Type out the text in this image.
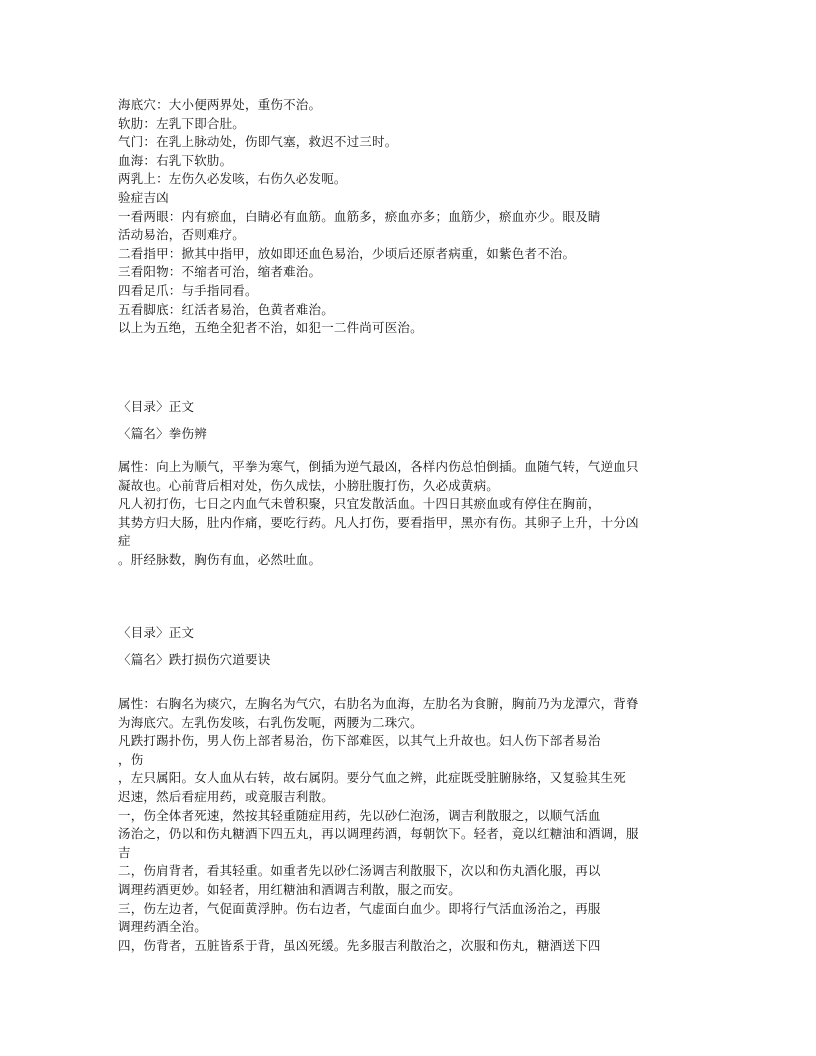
海底穴：大小便两界处，重伤不治。
软肋：左乳下即合肚。
气门：在乳上脉动处，伤即气塞，救迟不过三时。
血海：右乳下软肋。
两乳上：左伤久必发咳，右伤久必发呃。
验症吉凶
一看两眼：内有瘀血，白睛必有血筋。血筋多，瘀血亦多；血筋少，瘀血亦少。眼及睛
活动易治，否则难疗。
二看指甲：掀其中指甲，放如即还血色易治，少顷后还原者病重，如紫色者不治。
三看阳物：不缩者可治，缩者难治。
四看足爪：与手指同看。
五看脚底：红活者易治，色黄者难治。
以上为五绝，五绝全犯者不治，如犯一二件尚可医治。
〈目录〉正文
〈篇名〉拳伤辨
属性：向上为顺气，平拳为寒气，倒插为逆气最凶，各样内伤总怕倒插。血随气转，气逆血只
凝故也。心前背后相对处，伤久成怯，小膀肚腹打伤，久必成黄病。
凡人初打伤，七日之内血气未曾积聚，只宜发散活血。十四日其瘀血或有停住在胸前，
其势方归大肠，肚内作痛，要吃行药。凡人打伤，要看指甲，黑亦有伤。其卵子上升，十分凶
症
。肝经脉数，胸伤有血，必然吐血。
〈目录〉正文
〈篇名〉跌打损伤穴道要诀
属性：右胸名为痰穴，左胸名为气穴，右肋名为血海，左肋名为食腑，胸前乃为龙潭穴，背脊
为海底穴。左乳伤发咳，右乳伤发呃，两腰为二珠穴。
凡跌打踢扑伤，男人伤上部者易治，伤下部难医，以其气上升故也。妇人伤下部者易治
，伤
，左只属阳。女人血从右转，故右属阴。要分气血之辨，此症既受脏腑脉络，又复验其生死
迟速，然后看症用药，或竟服吉利散。
一，伤全体者死速，然按其轻重随症用药，先以砂仁泡汤，调吉利散服之，以顺气活血
汤治之，仍以和伤丸糖酒下四五丸，再以调理药酒，每朝饮下。轻者，竟以红糖油和酒调，服
吉
二，伤肩背者，看其轻重。如重者先以砂仁汤调吉利散服下，次以和伤丸酒化服，再以
调理药酒更妙。如轻者，用红糖油和酒调吉利散，服之而安。
三，伤左边者，气促面黄浮肿。伤右边者，气虚面白血少。即将行气活血汤治之，再服
调理药酒全治。
四，伤背者，五脏皆系于背，虽凶死缓。先多服吉利散治之，次服和伤丸，糖酒送下四
